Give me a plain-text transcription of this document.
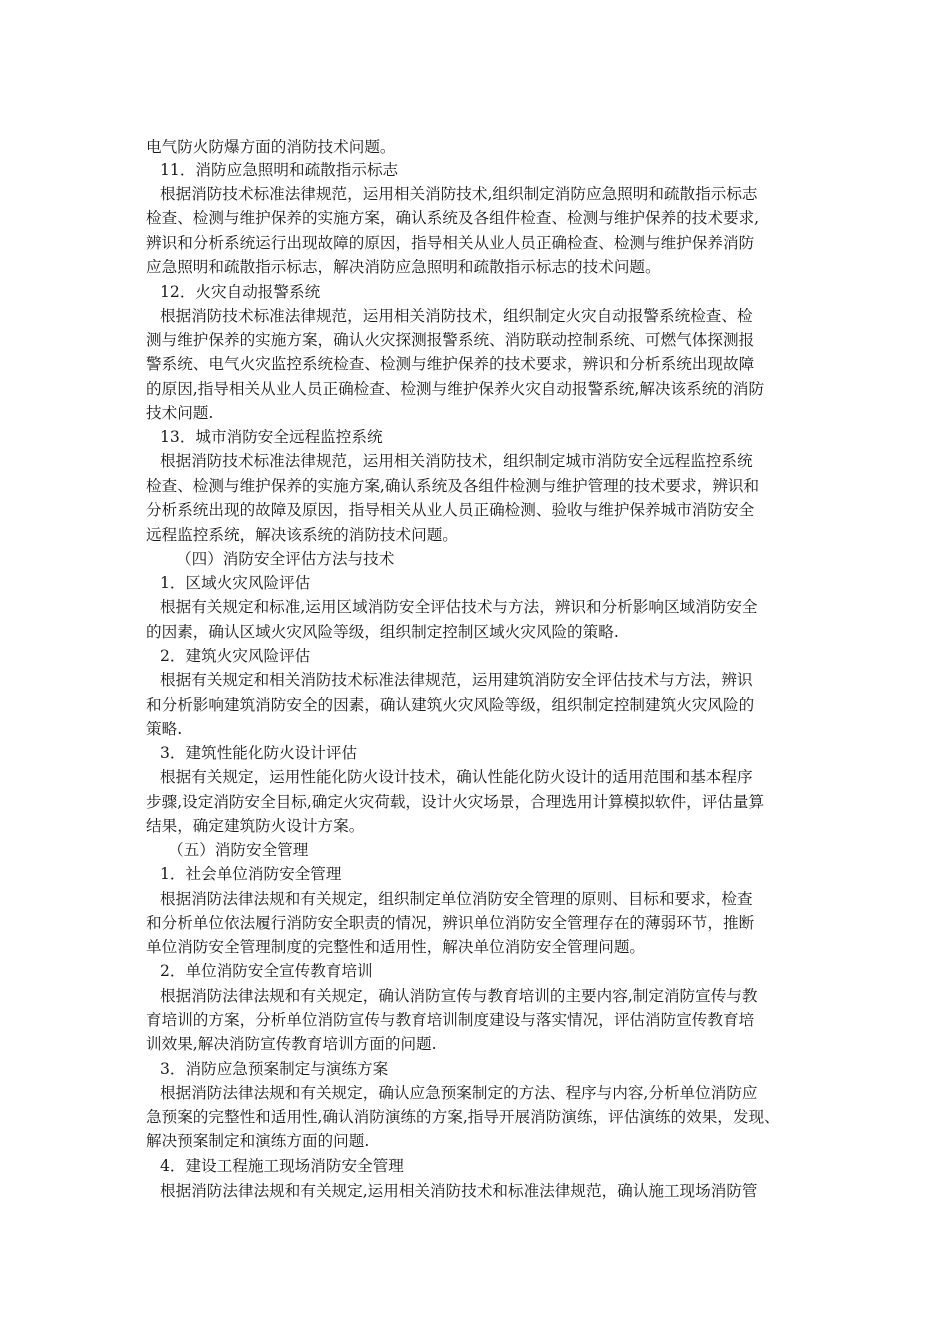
电气防火防爆方面的消防技术问题。
11．消防应急照明和疏散指示标志
根据消防技术标准法律规范，运用相关消防技术,组织制定消防应急照明和疏散指示标志
检查、检测与维护保养的实施方案，确认系统及各组件检查、检测与维护保养的技术要求,
辨识和分析系统运行出现故障的原因，指导相关从业人员正确检查、检测与维护保养消防
应急照明和疏散指示标志，解决消防应急照明和疏散指示标志的技术问题。
12．火灾自动报警系统
根据消防技术标准法律规范，运用相关消防技术，组织制定火灾自动报警系统检查、检
测与维护保养的实施方案，确认火灾探测报警系统、消防联动控制系统、可燃气体探测报
警系统、电气火灾监控系统检查、检测与维护保养的技术要求，辨识和分析系统出现故障
的原因,指导相关从业人员正确检查、检测与维护保养火灾自动报警系统,解决该系统的消防
技术问题.
13．城市消防安全远程监控系统
根据消防技术标准法律规范，运用相关消防技术，组织制定城市消防安全远程监控系统
检查、检测与维护保养的实施方案,确认系统及各组件检测与维护管理的技术要求，辨识和
分析系统出现的故障及原因，指导相关从业人员正确检测、验收与维护保养城市消防安全
远程监控系统，解决该系统的消防技术问题。
（四）消防安全评估方法与技术
1．区域火灾风险评估
根据有关规定和标准,运用区域消防安全评估技术与方法，辨识和分析影响区域消防安全
的因素，确认区域火灾风险等级，组织制定控制区域火灾风险的策略.
2．建筑火灾风险评估
根据有关规定和相关消防技术标准法律规范，运用建筑消防安全评估技术与方法，辨识
和分析影响建筑消防安全的因素，确认建筑火灾风险等级，组织制定控制建筑火灾风险的
策略.
3．建筑性能化防火设计评估
根据有关规定，运用性能化防火设计技术，确认性能化防火设计的适用范围和基本程序
步骤,设定消防安全目标,确定火灾荷载，设计火灾场景，合理选用计算模拟软件，评估量算
结果，确定建筑防火设计方案。
（五）消防安全管理
1．社会单位消防安全管理
根据消防法律法规和有关规定，组织制定单位消防安全管理的原则、目标和要求，检查
和分析单位依法履行消防安全职责的情况，辨识单位消防安全管理存在的薄弱环节，推断
单位消防安全管理制度的完整性和适用性，解决单位消防安全管理问题。
2．单位消防安全宣传教育培训
根据消防法律法规和有关规定，确认消防宣传与教育培训的主要内容,制定消防宣传与教
育培训的方案，分析单位消防宣传与教育培训制度建设与落实情况，评估消防宣传教育培
训效果,解决消防宣传教育培训方面的问题.
3．消防应急预案制定与演练方案
根据消防法律法规和有关规定，确认应急预案制定的方法、程序与内容,分析单位消防应
急预案的完整性和适用性,确认消防演练的方案,指导开展消防演练，评估演练的效果，发现、
解决预案制定和演练方面的问题.
4．建设工程施工现场消防安全管理
根据消防法律法规和有关规定,运用相关消防技术和标准法律规范，确认施工现场消防管
